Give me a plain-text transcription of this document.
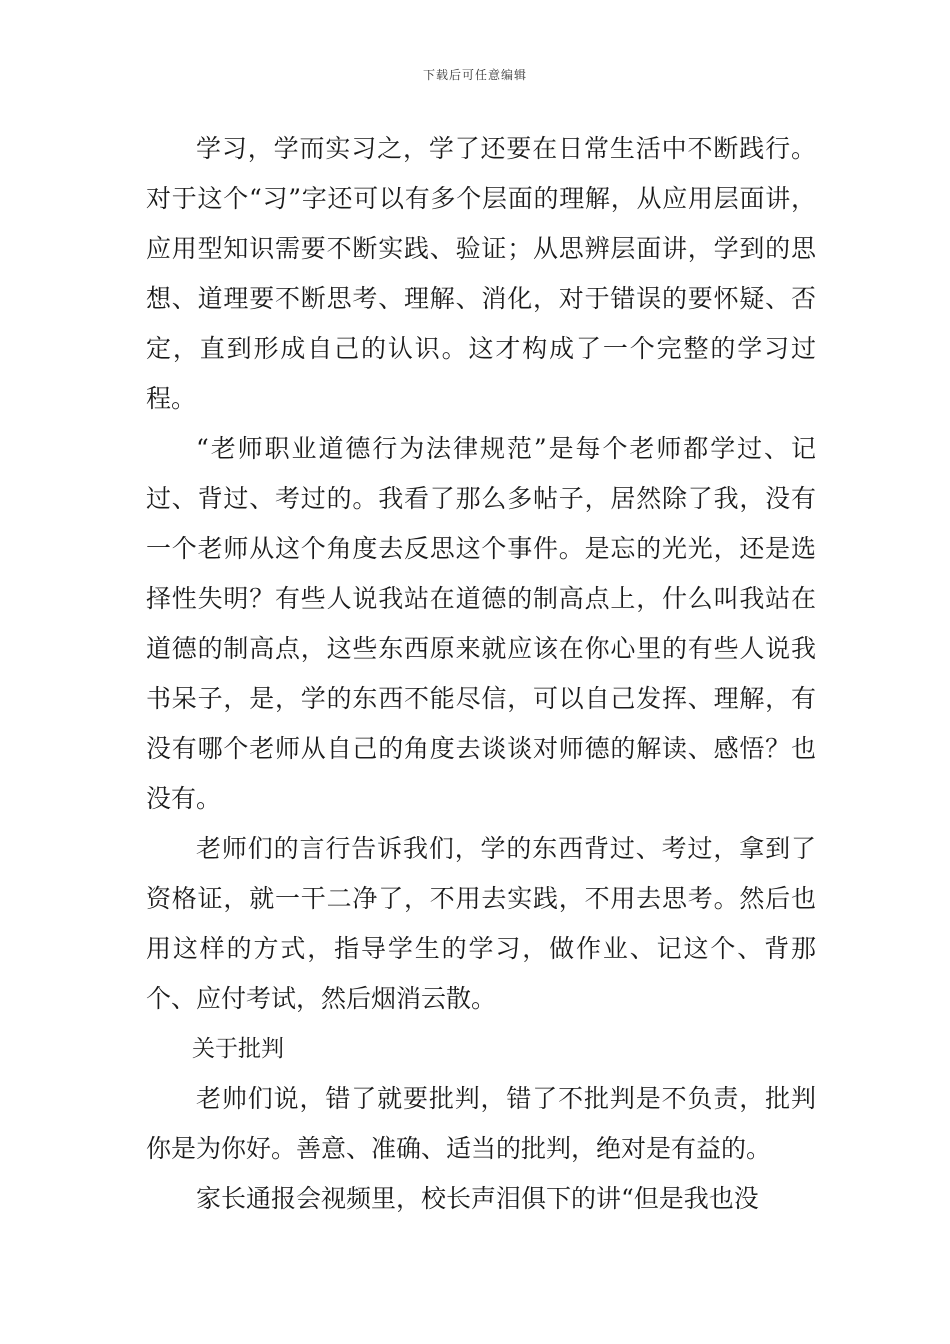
下载后可任意编辑

学习，学而实习之，学了还要在日常生活中不断践行。对于这个“习”字还可以有多个层面的理解，从应用层面讲，应用型知识需要不断实践、验证；从思辨层面讲，学到的思想、道理要不断思考、理解、消化，对于错误的要怀疑、否定，直到形成自己的认识。这才构成了一个完整的学习过程。

“老师职业道德行为法律规范”是每个老师都学过、记过、背过、考过的。我看了那么多帖子，居然除了我，没有一个老师从这个角度去反思这个事件。是忘的光光，还是选择性失明？有些人说我站在道德的制高点上，什么叫我站在道德的制高点，这些东西原来就应该在你心里的有些人说我书呆子，是，学的东西不能尽信，可以自己发挥、理解，有没有哪个老师从自己的角度去谈谈对师德的解读、感悟？也没有。

老师们的言行告诉我们，学的东西背过、考过，拿到了资格证，就一干二净了，不用去实践，不用去思考。然后也用这样的方式，指导学生的学习，做作业、记这个、背那个、应付考试，然后烟消云散。

关于批判

老帅们说，错了就要批判，错了不批判是不负责，批判你是为你好。善意、准确、适当的批判，绝对是有益的。

家长通报会视频里，校长声泪俱下的讲“但是我也没
